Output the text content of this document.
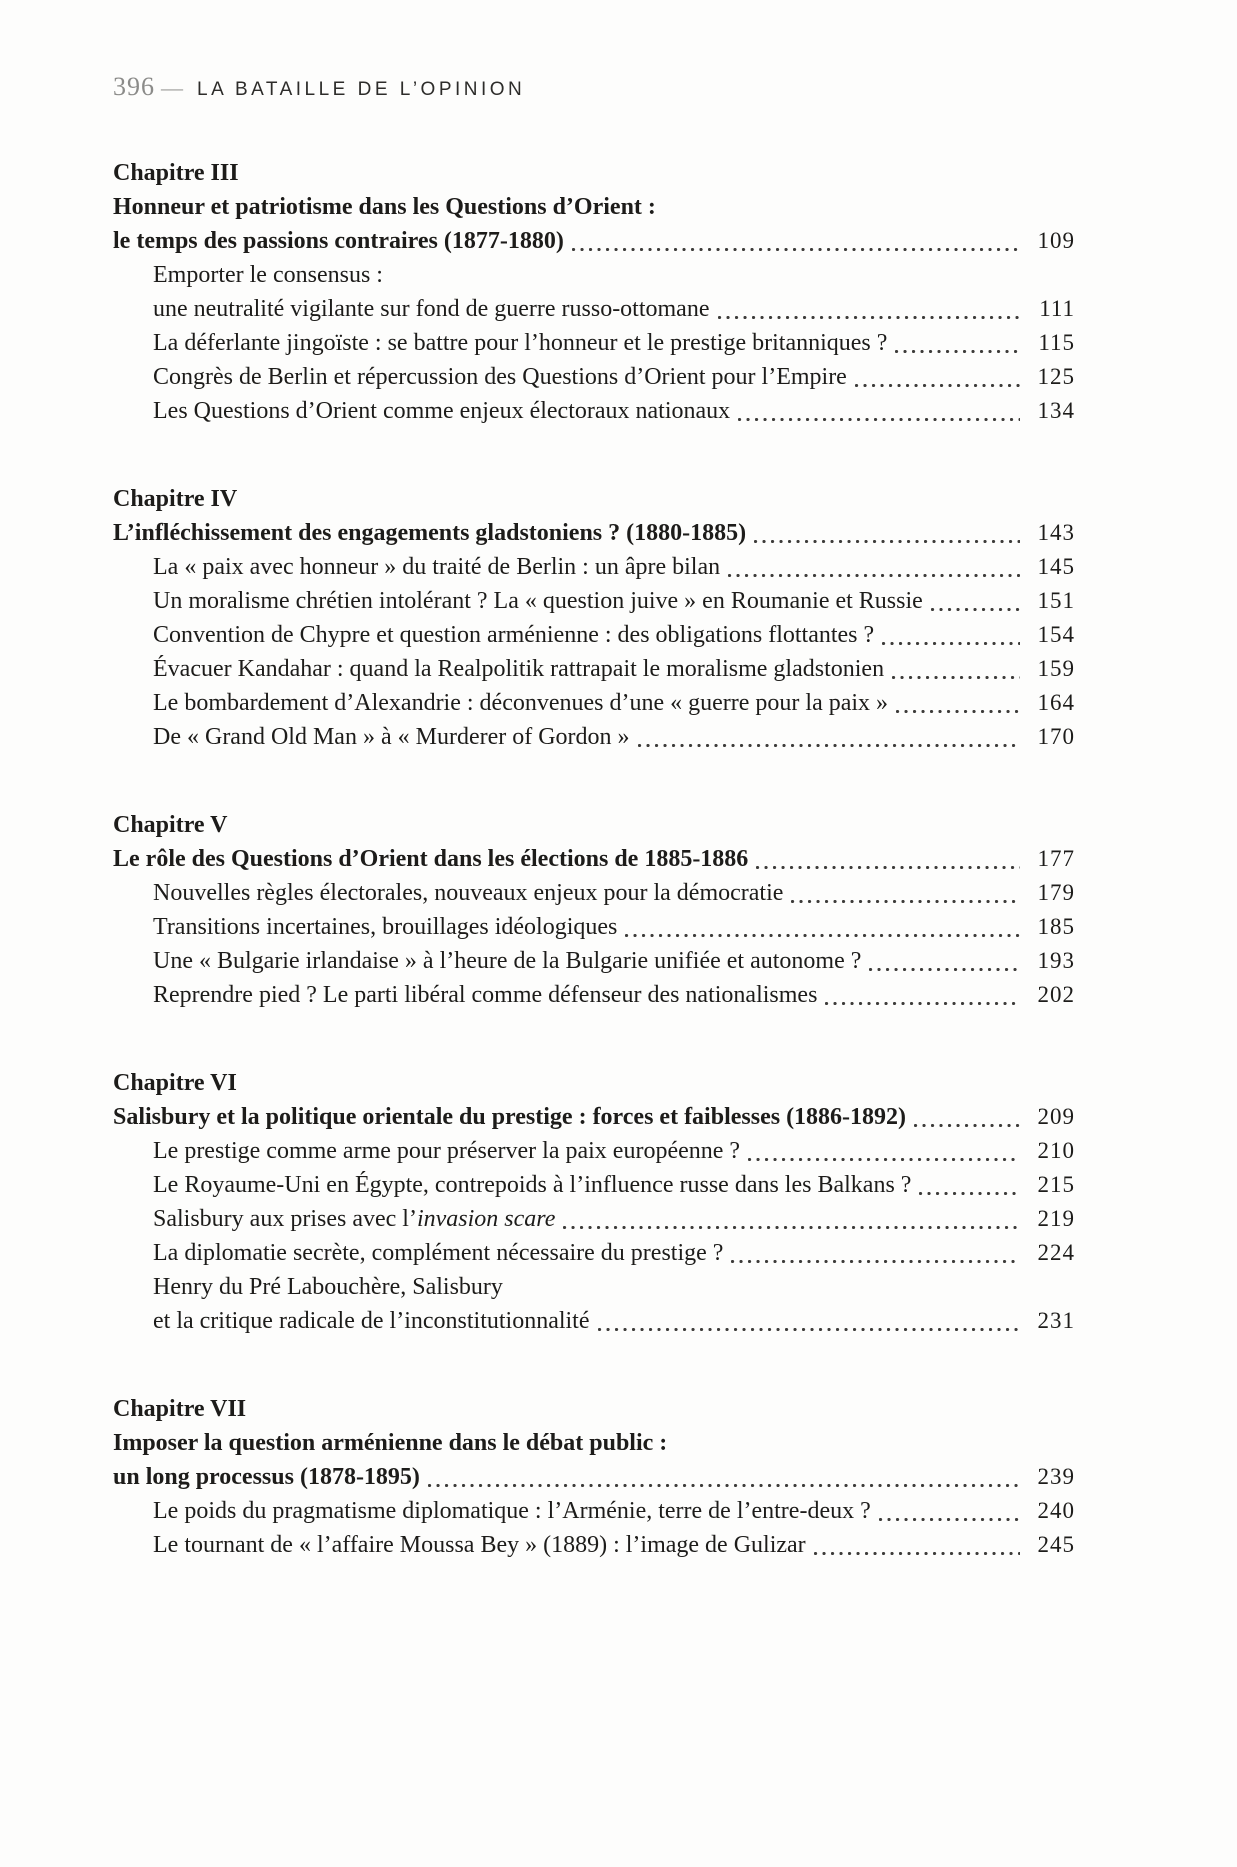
396 — LA BATAILLE DE L’OPINION
Chapitre III
Honneur et patriotisme dans les Questions d’Orient :
le temps des passions contraires (1877-1880)	109
Emporter le consensus :
une neutralité vigilante sur fond de guerre russo-ottomane	111
La déferlante jingoïste : se battre pour l’honneur et le prestige britanniques ?	115
Congrès de Berlin et répercussion des Questions d’Orient pour l’Empire	125
Les Questions d’Orient comme enjeux électoraux nationaux	134
Chapitre IV
L’infléchissement des engagements gladstoniens ? (1880-1885)	143
La « paix avec honneur » du traité de Berlin : un âpre bilan	145
Un moralisme chrétien intolérant ? La « question juive » en Roumanie et Russie	151
Convention de Chypre et question arménienne : des obligations flottantes ?	154
Évacuer Kandahar : quand la Realpolitik rattrapait le moralisme gladstonien	159
Le bombardement d’Alexandrie : déconvenues d’une « guerre pour la paix »	164
De « Grand Old Man » à « Murderer of Gordon »	170
Chapitre V
Le rôle des Questions d’Orient dans les élections de 1885-1886	177
Nouvelles règles électorales, nouveaux enjeux pour la démocratie	179
Transitions incertaines, brouillages idéologiques	185
Une « Bulgarie irlandaise » à l’heure de la Bulgarie unifiée et autonome ?	193
Reprendre pied ? Le parti libéral comme défenseur des nationalismes	202
Chapitre VI
Salisbury et la politique orientale du prestige : forces et faiblesses (1886-1892)	209
Le prestige comme arme pour préserver la paix européenne ?	210
Le Royaume-Uni en Égypte, contrepoids à l’influence russe dans les Balkans ?	215
Salisbury aux prises avec l’ invasion scare	219
La diplomatie secrète, complément nécessaire du prestige ?	224
Henry du Pré Labouchère, Salisbury
et la critique radicale de l’inconstitutionnalité	231
Chapitre VII
Imposer la question arménienne dans le débat public :
un long processus (1878-1895)	239
Le poids du pragmatisme diplomatique : l’Arménie, terre de l’entre-deux ?	240
Le tournant de « l’affaire Moussa Bey » (1889) : l’image de Gulizar	245
